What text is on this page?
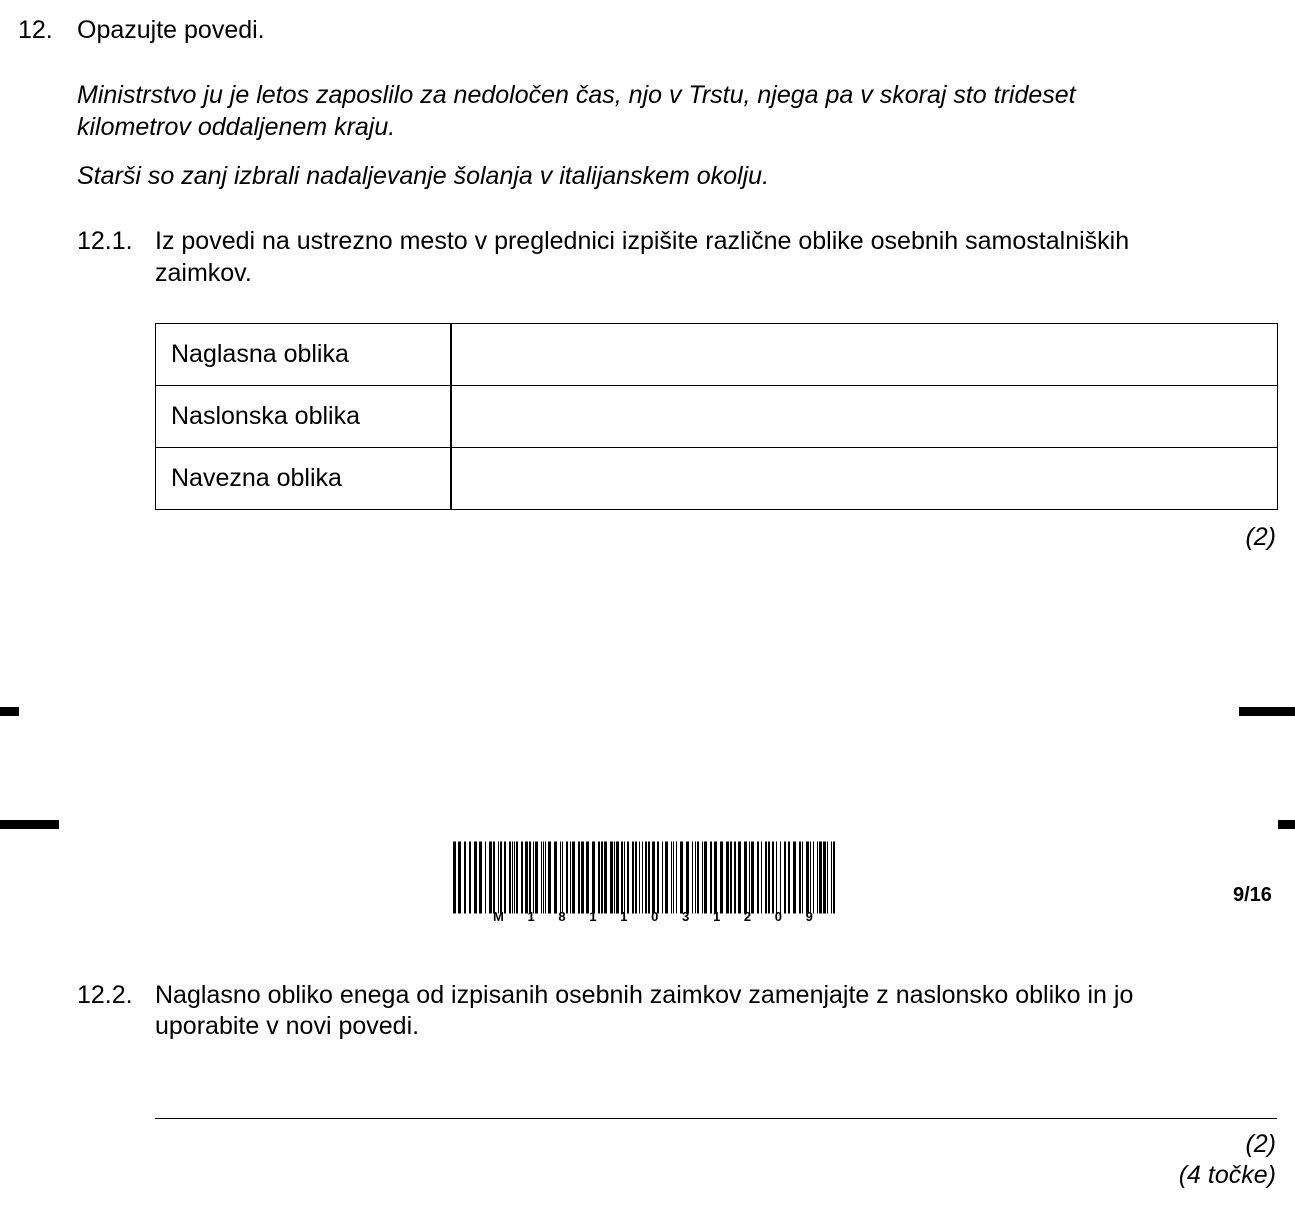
12. Opazujte povedi.
Ministrstvo ju je letos zaposlilo za nedoločen čas, njo v Trstu, njega pa v skoraj sto trideset
kilometrov oddaljenem kraju.
Starši so zanj izbrali nadaljevanje šolanja v italijanskem okolju.
12.1. Iz povedi na ustrezno mesto v preglednici izpišite različne oblike osebnih samostalniških
zaimkov.
Naglasna oblika	
Naslonska oblika	
Navezna oblika	
(2)
M 1 8 1 1 0 3 1 2 0 9
9/16
12.2. Naglasno obliko enega od izpisanih osebnih zaimkov zamenjajte z naslonsko obliko in jo
uporabite v novi povedi.
(2)
(4 točke)
